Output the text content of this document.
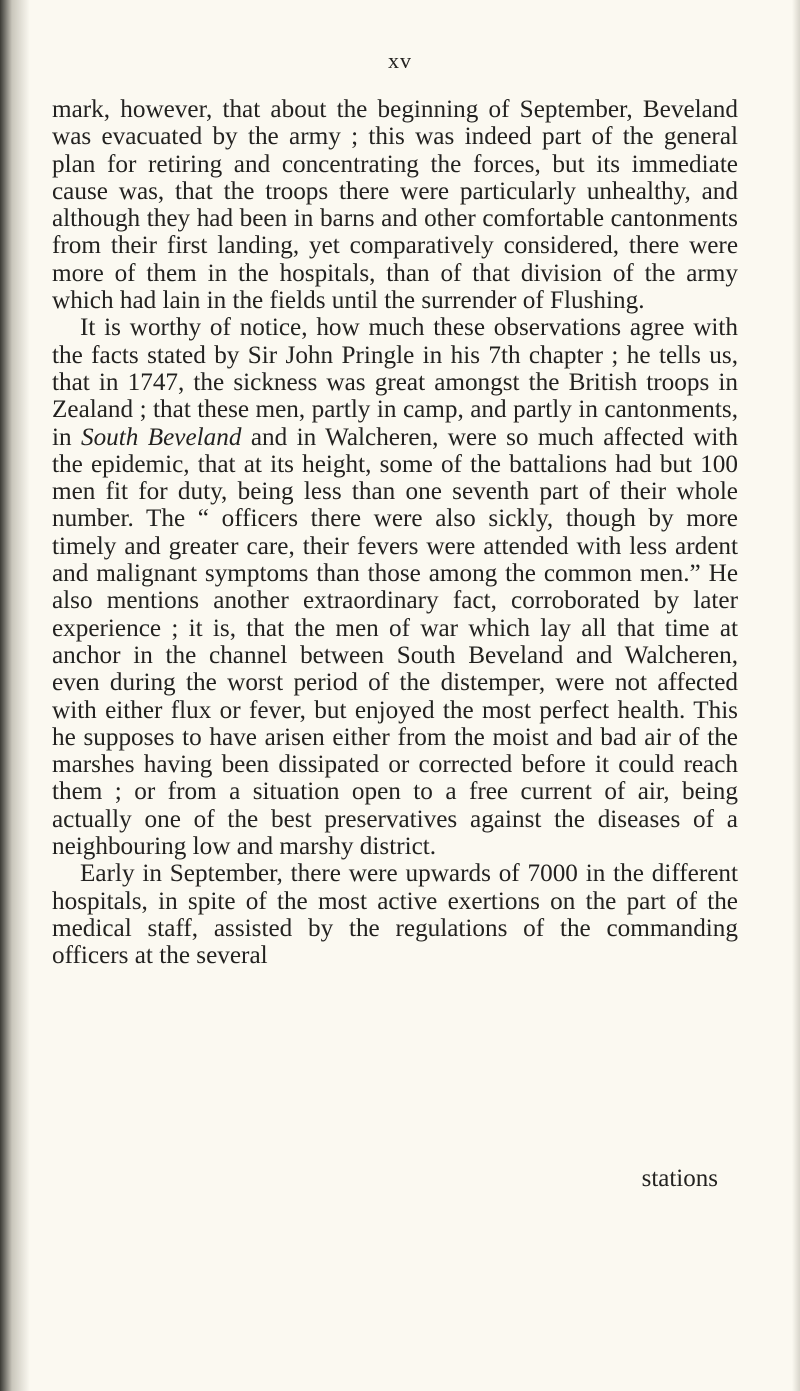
xv

mark, however, that about the beginning of September, Beveland was evacuated by the army ; this was indeed part of the general plan for retiring and concentrating the forces, but its immediate cause was, that the troops there were particularly unhealthy, and although they had been in barns and other comfortable cantonments from their first landing, yet comparatively considered, there were more of them in the hospitals, than of that division of the army which had lain in the fields until the surrender of Flushing.

It is worthy of notice, how much these observations agree with the facts stated by Sir John Pringle in his 7th chapter ; he tells us, that in 1747, the sickness was great amongst the British troops in Zealand ; that these men, partly in camp, and partly in cantonments, in South Beveland and in Walcheren, were so much affected with the epidemic, that at its height, some of the battalions had but 100 men fit for duty, being less than one seventh part of their whole number. The “ officers there were also sickly, though by more timely and greater care, their fevers were attended with less ardent and malignant symptoms than those among the common men.” He also mentions another extraordinary fact, corroborated by later experience ; it is, that the men of war which lay all that time at anchor in the channel between South Beveland and Walcheren, even during the worst period of the distemper, were not affected with either flux or fever, but enjoyed the most perfect health. This he supposes to have arisen either from the moist and bad air of the marshes having been dissipated or corrected before it could reach them ; or from a situation open to a free current of air, being actually one of the best preservatives against the diseases of a neighbouring low and marshy district.

Early in September, there were upwards of 7000 in the different hospitals, in spite of the most active exertions on the part of the medical staff, assisted by the regulations of the commanding officers at the several

stations
